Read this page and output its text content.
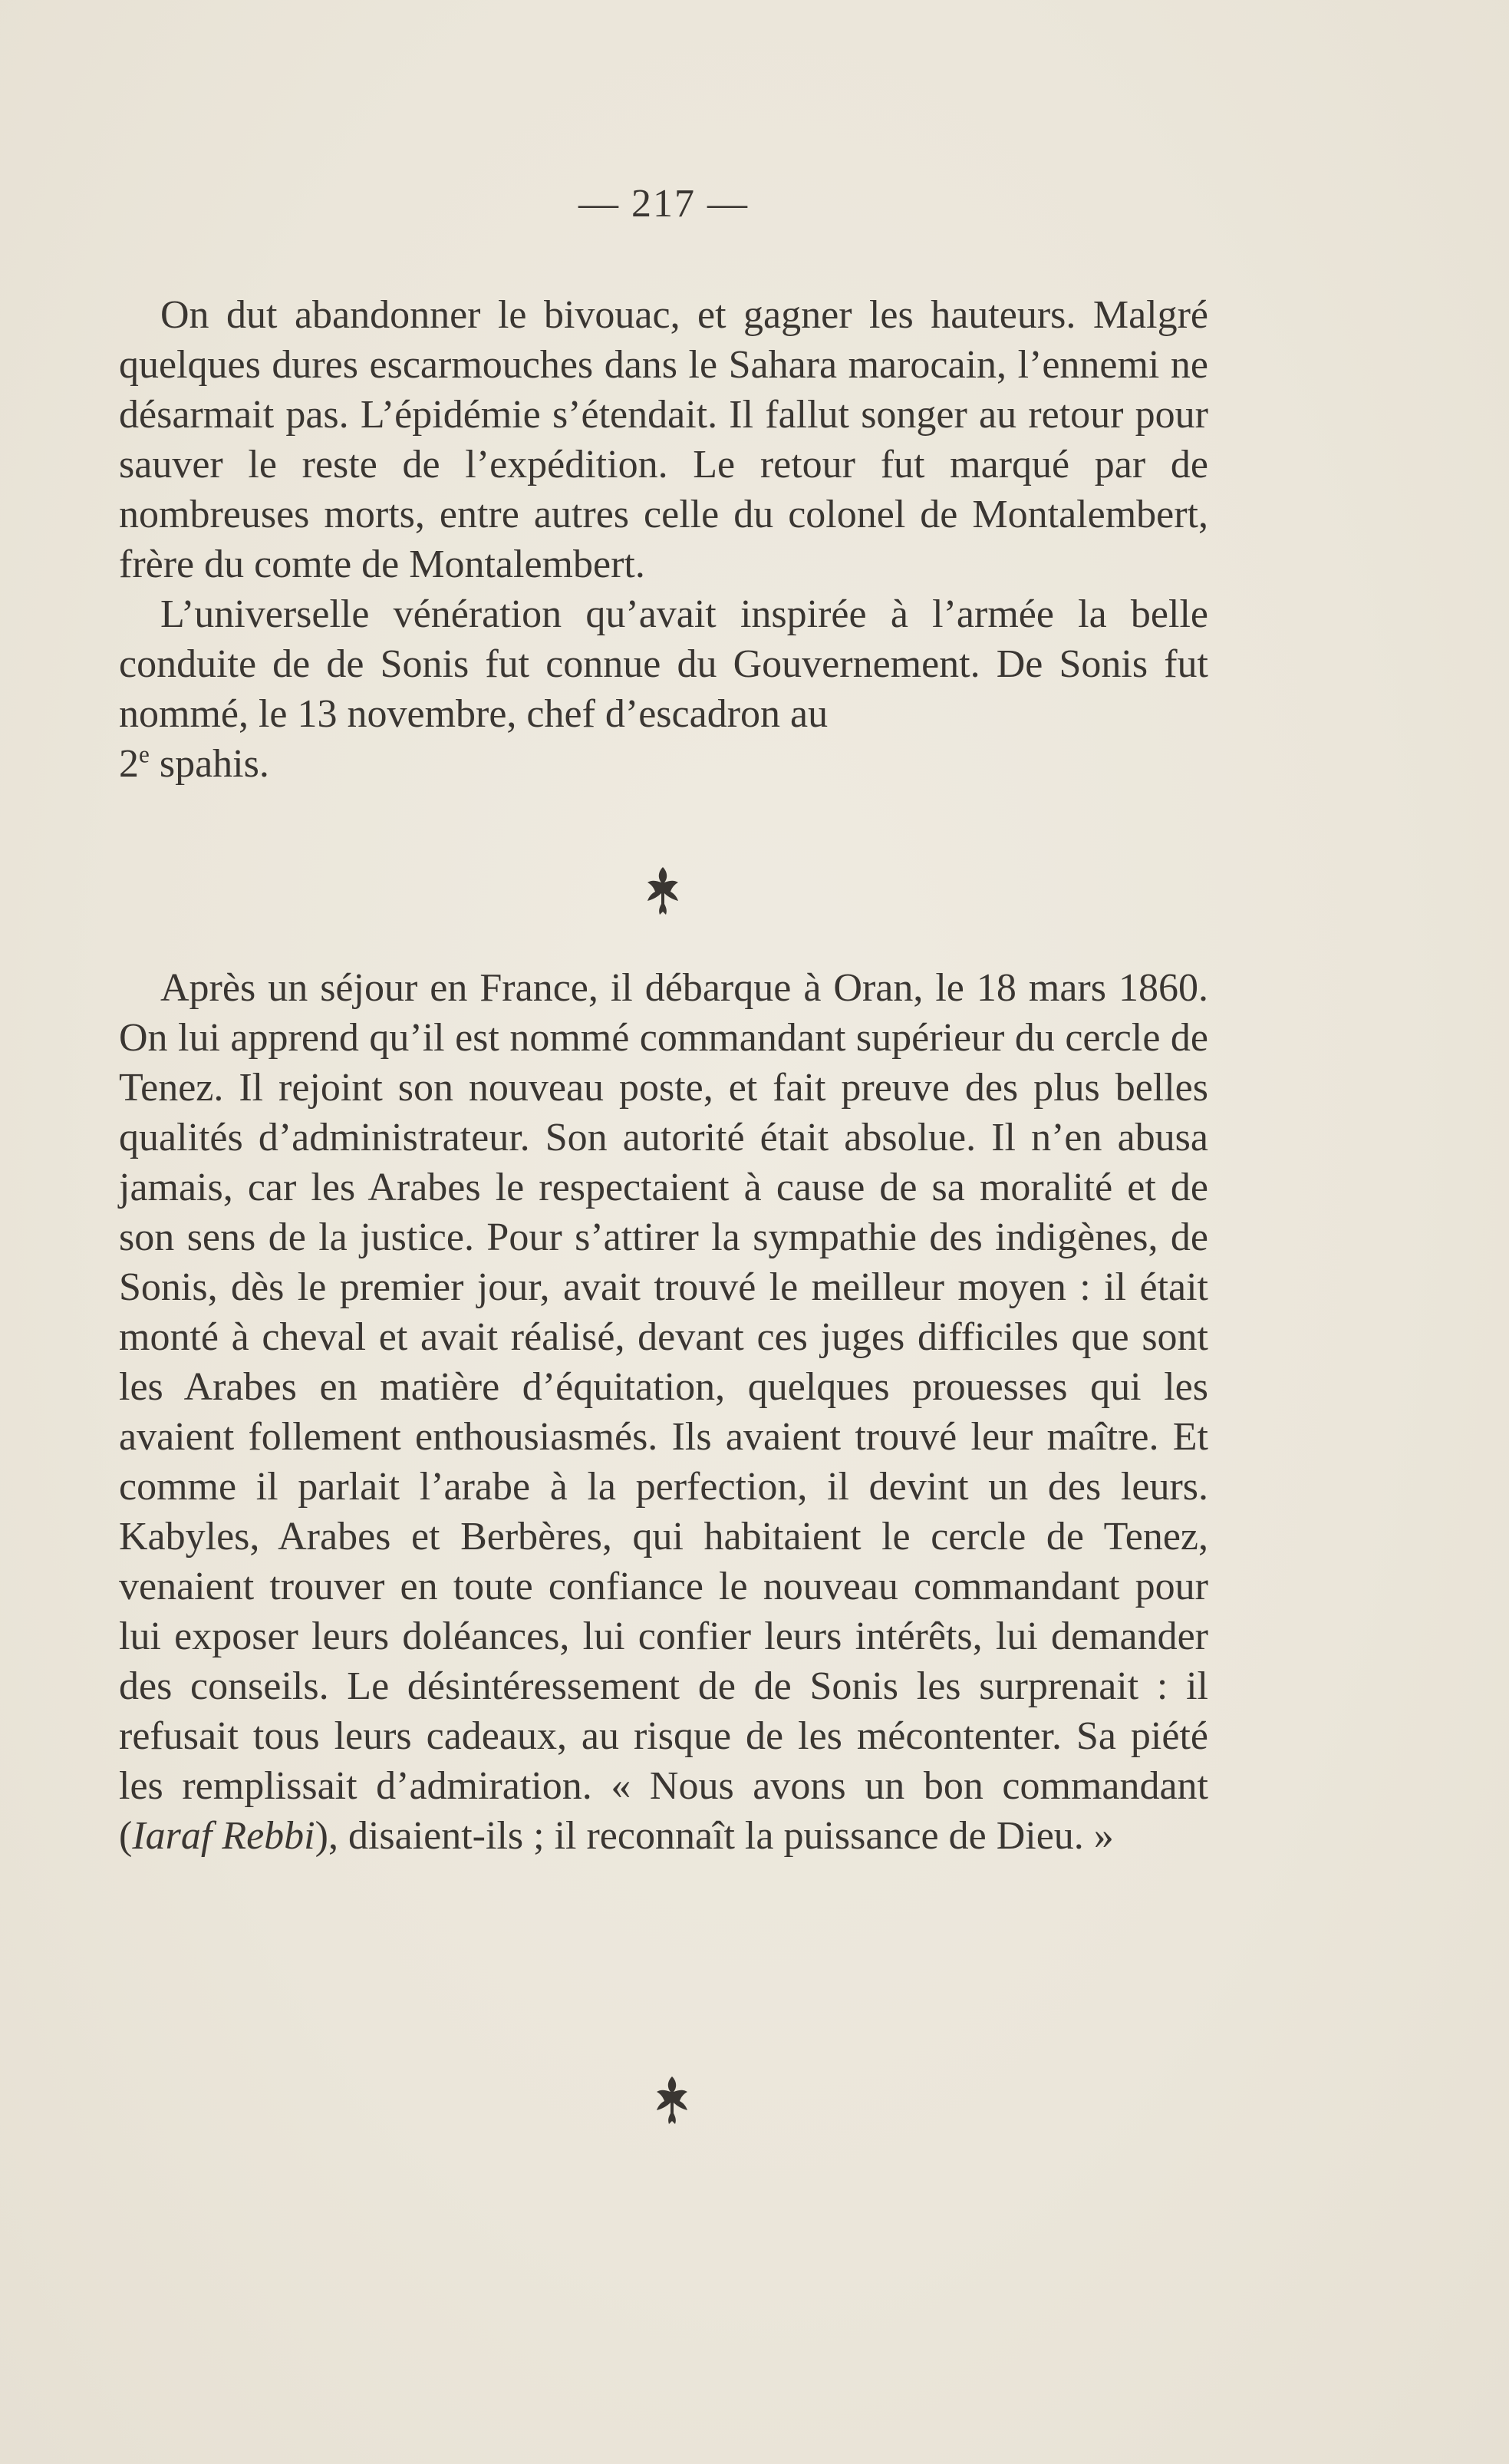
— 217 —

On dut abandonner le bivouac, et gagner les hauteurs. Malgré quelques dures escarmouches dans le Sahara marocain, l’ennemi ne désarmait pas. L’épidémie s’étendait. Il fallut songer au retour pour sauver le reste de l’expédition. Le retour fut marqué par de nombreuses morts, entre autres celle du colonel de Montalembert, frère du comte de Montalembert.

L’universelle vénération qu’avait inspirée à l’armée la belle conduite de de Sonis fut connue du Gouvernement. De Sonis fut nommé, le 13 novembre, chef d’escadron au
2e spahis.

Après un séjour en France, il débarque à Oran, le 18 mars 1860. On lui apprend qu’il est nommé commandant supérieur du cercle de Tenez. Il rejoint son nouveau poste, et fait preuve des plus belles qualités d’administrateur. Son autorité était absolue. Il n’en abusa jamais, car les Arabes le respectaient à cause de sa moralité et de son sens de la justice. Pour s’attirer la sympathie des indigènes, de Sonis, dès le premier jour, avait trouvé le meilleur moyen : il était monté à cheval et avait réalisé, devant ces juges difficiles que sont les Arabes en matière d’équitation, quelques prouesses qui les avaient follement enthousiasmés. Ils avaient trouvé leur maître. Et comme il parlait l’arabe à la perfection, il devint un des leurs. Kabyles, Arabes et Berbères, qui habitaient le cercle de Tenez, venaient trouver en toute confiance le nouveau commandant pour lui exposer leurs doléances, lui confier leurs intérêts, lui demander des conseils. Le désintéressement de de Sonis les surprenait : il refusait tous leurs cadeaux, au risque de les mécontenter. Sa piété les remplissait d’admiration. « Nous avons un bon commandant (Iaraf Rebbi), disaient-ils ; il reconnaît la puissance de Dieu. »
